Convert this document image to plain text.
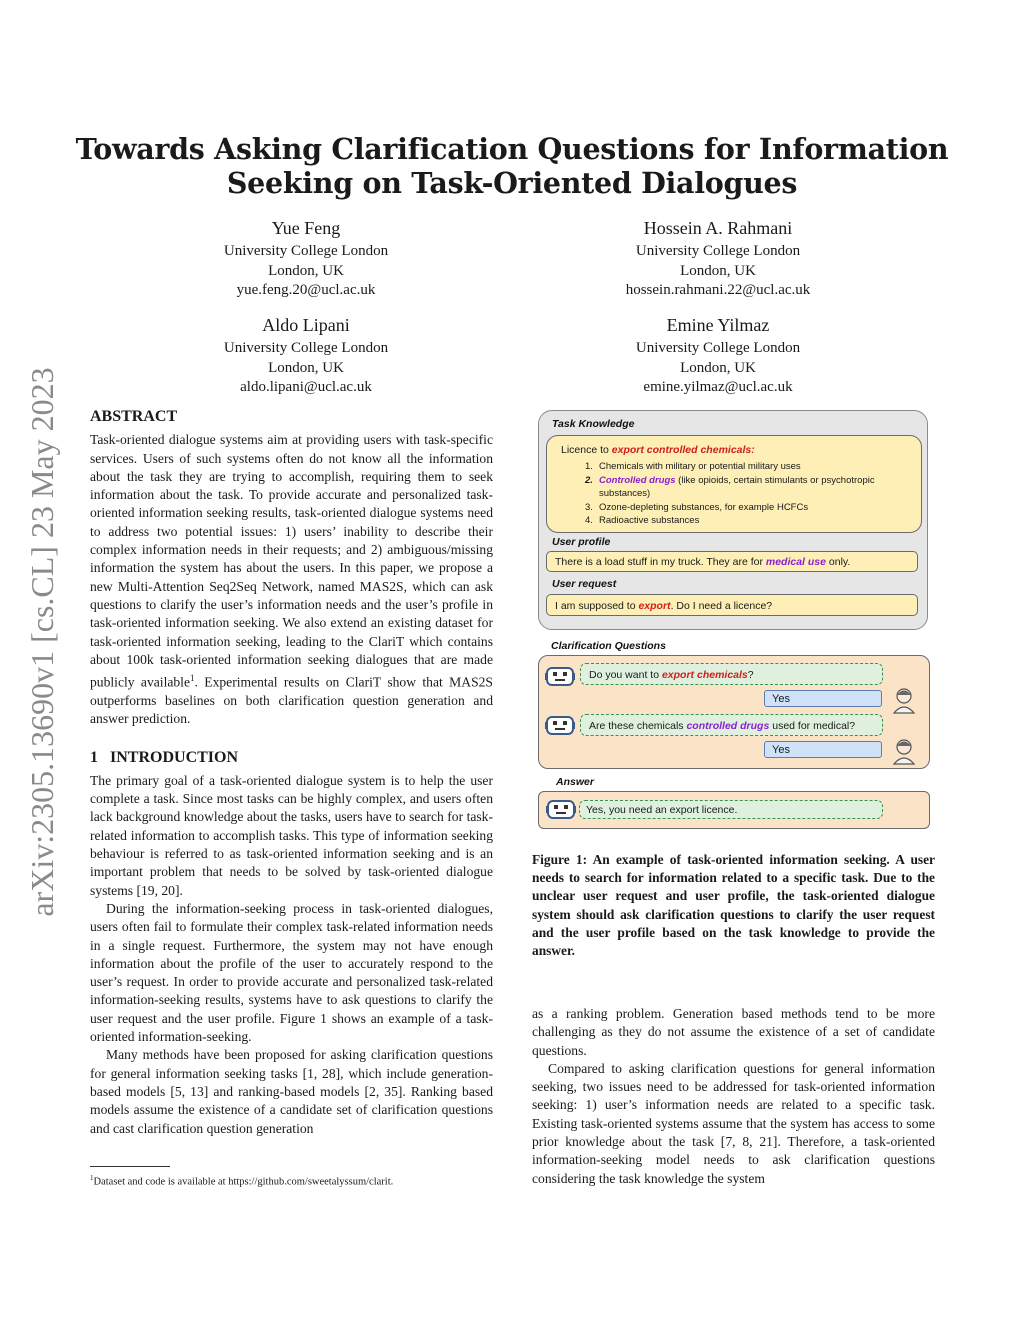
Towards Asking Clarification Questions for Information Seeking on Task-Oriented Dialogues
arXiv:2305.13690v1 [cs.CL] 23 May 2023
Yue Feng
University College London
London, UK
yue.feng.20@ucl.ac.uk
Hossein A. Rahmani
University College London
London, UK
hossein.rahmani.22@ucl.ac.uk
Aldo Lipani
University College London
London, UK
aldo.lipani@ucl.ac.uk
Emine Yilmaz
University College London
London, UK
emine.yilmaz@ucl.ac.uk
ABSTRACT

Task-oriented dialogue systems aim at providing users with task-specific services. Users of such systems often do not know all the information about the task they are trying to accomplish, requiring them to seek information about the task. To provide accurate and personalized task-oriented information seeking results, task-oriented dialogue systems need to address two potential issues: 1) users’ inability to describe their complex information needs in their requests; and 2) ambiguous/missing information the system has about the users. In this paper, we propose a new Multi-Attention Seq2Seq Network, named MAS2S, which can ask questions to clarify the user’s information needs and the user’s profile in task-oriented information seeking. We also extend an existing dataset for task-oriented information seeking, leading to the ClariT which contains about 100k task-oriented information seeking dialogues that are made publicly available$^1$. Experimental results on ClariT show that MAS2S outperforms baselines on both clarification question generation and answer prediction.

1   INTRODUCTION

The primary goal of a task-oriented dialogue system is to help the user complete a task. Since most tasks can be highly complex, and users often lack background knowledge about the tasks, users have to search for task-related information to accomplish tasks. This type of information seeking behaviour is referred to as task-oriented information seeking and is an important problem that needs to be solved by task-oriented dialogue systems [19, 20].

During the information-seeking process in task-oriented dialogues, users often fail to formulate their complex task-related information needs in a single request. Furthermore, the system may not have enough information about the profile of the user to accurately respond to the user’s request. In order to provide accurate and personalized task-related information-seeking results, systems have to ask questions to clarify the user request and the user profile. Figure 1 shows an example of a task-oriented information-seeking.

Many methods have been proposed for asking clarification questions for general information seeking tasks [1, 28], which include generation-based models [5, 13] and ranking-based models [2, 35]. Ranking based models assume the existence of a candidate set of clarification questions and cast clarification question generation

$^1$Dataset and code is available at https://github.com/sweetalyssum/clarit.
Task Knowledge
Licence to export controlled chemicals:
1. Chemicals with military or potential military uses
2. Controlled drugs (like opioids, certain stimulants or psychotropic substances)
3. Ozone-depleting substances, for example HCFCs
4. Radioactive substances
User profile
There is a load stuff in my truck. They are for medical use only.
User request
I am supposed to export. Do I need a licence?
Clarification Questions
Do you want to export chemicals?
Yes
Are these chemicals controlled drugs used for medical?
Yes
Answer
Yes, you need an export licence.
Figure 1: An example of task-oriented information seeking. A user needs to search for information related to a specific task. Due to the unclear user request and user profile, the task-oriented dialogue system should ask clarification questions to clarify the user request and the user profile based on the task knowledge to provide the answer.

as a ranking problem. Generation based methods tend to be more challenging as they do not assume the existence of a set of candidate questions.

Compared to asking clarification questions for general information seeking, two issues need to be addressed for task-oriented information seeking: 1) user’s information needs are related to a specific task. Existing task-oriented systems assume that the system has access to some prior knowledge about the task [7, 8, 21]. Therefore, a task-oriented information-seeking model needs to ask clarification questions considering the task knowledge the system
